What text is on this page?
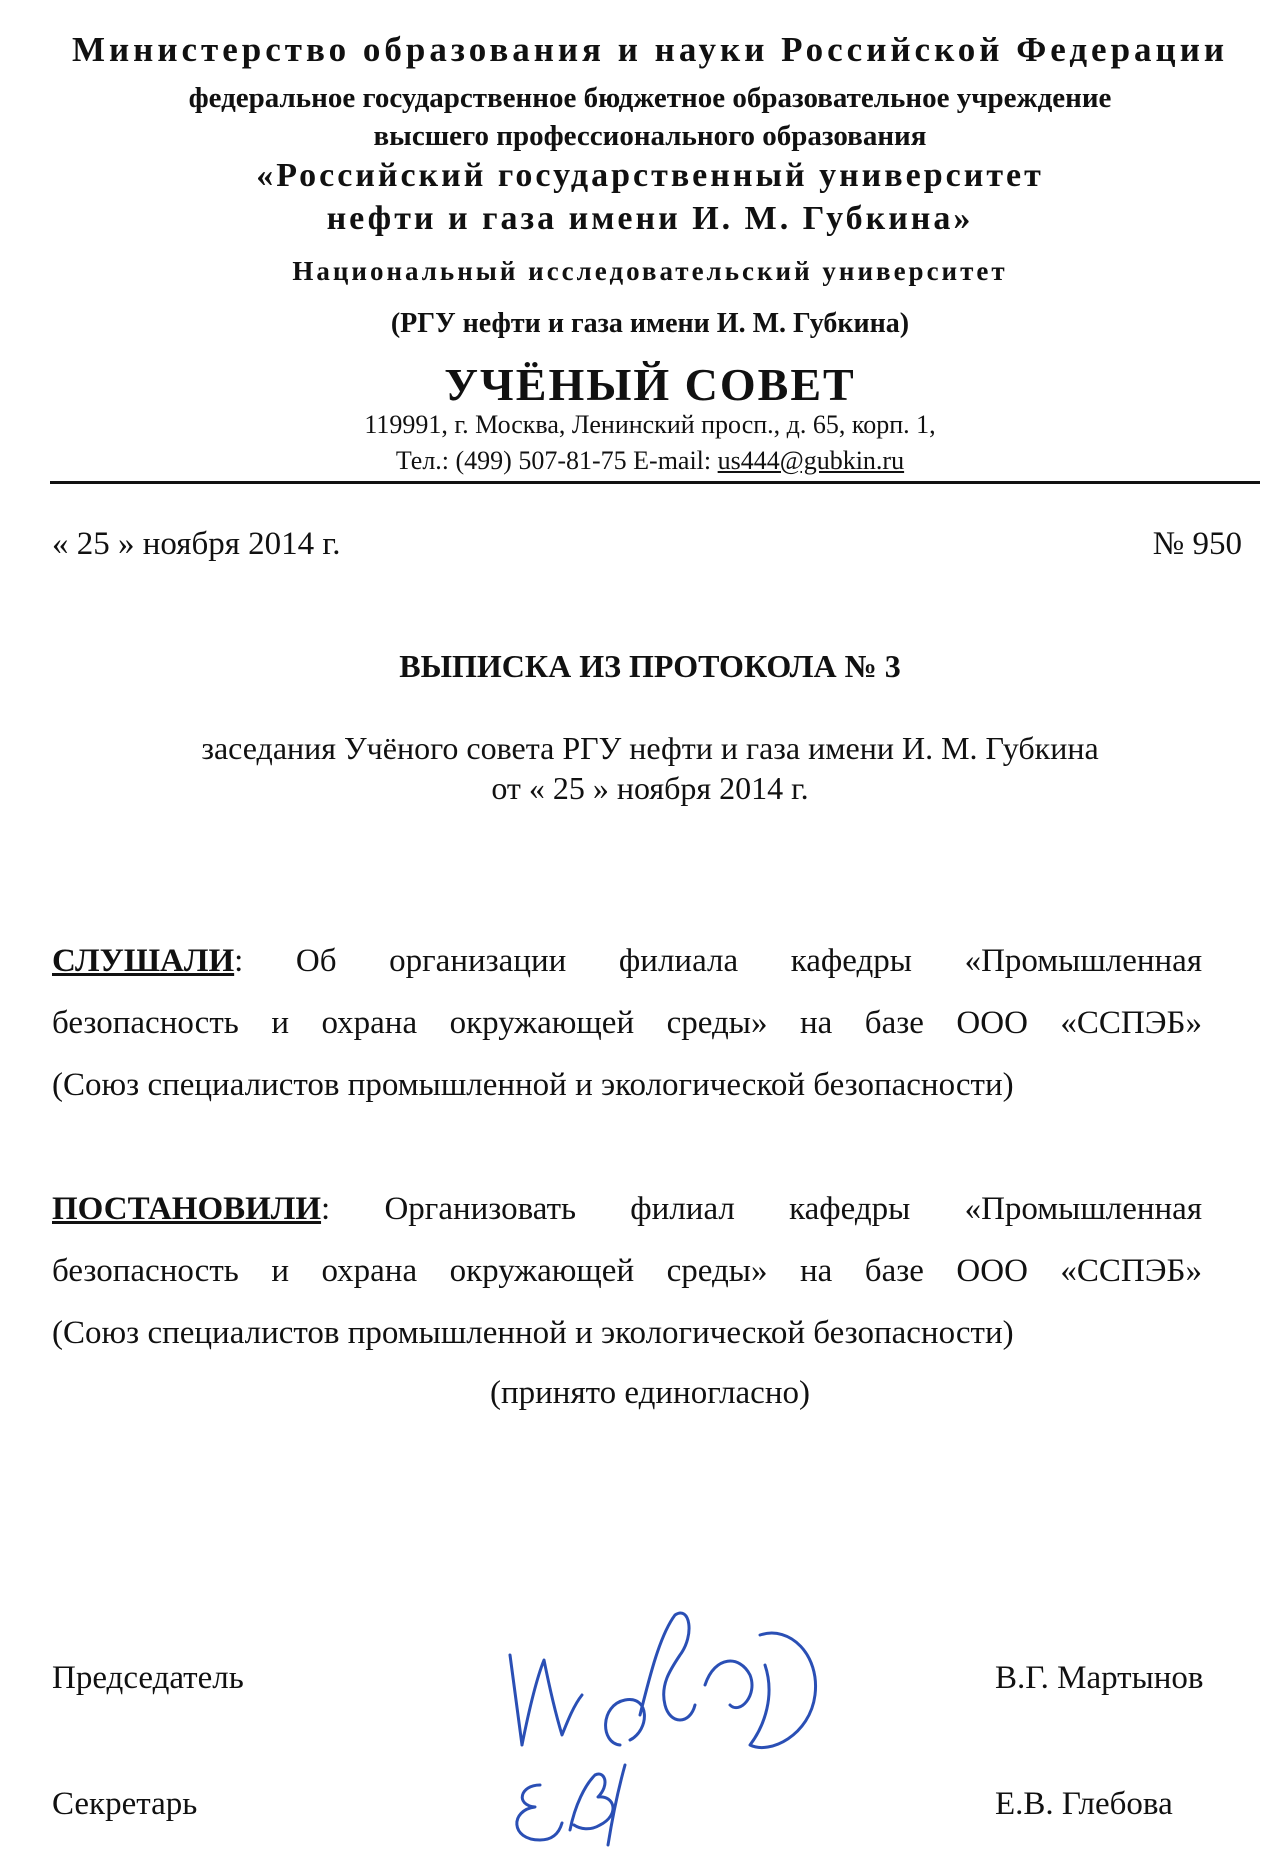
Министерство образования и науки Российской Федерации
федеральное государственное бюджетное образовательное учреждение
высшего профессионального образования
«Российский государственный университет
нефти и газа имени И. М. Губкина»
Национальный исследовательский университет
(РГУ нефти и газа имени И. М. Губкина)
УЧЁНЫЙ СОВЕТ
119991, г. Москва, Ленинский просп., д. 65, корп. 1,
Тел.: (499) 507-81-75 E-mail: us444@gubkin.ru
« 25 » ноября 2014 г.	№ 950
ВЫПИСКА ИЗ ПРОТОКОЛА № 3
заседания Учёного совета РГУ нефти и газа имени И. М. Губкина
от « 25 » ноября 2014 г.
СЛУШАЛИ: Об организации филиала кафедры «Промышленная
безопасность и охрана окружающей среды» на базе ООО «ССПЭБ»
(Союз специалистов промышленной и экологической безопасности)
ПОСТАНОВИЛИ: Организовать филиал кафедры «Промышленная
безопасность и охрана окружающей среды» на базе ООО «ССПЭБ»
(Союз специалистов промышленной и экологической безопасности)
(принято единогласно)
Председатель	В.Г. Мартынов
Секретарь	Е.В. Глебова
